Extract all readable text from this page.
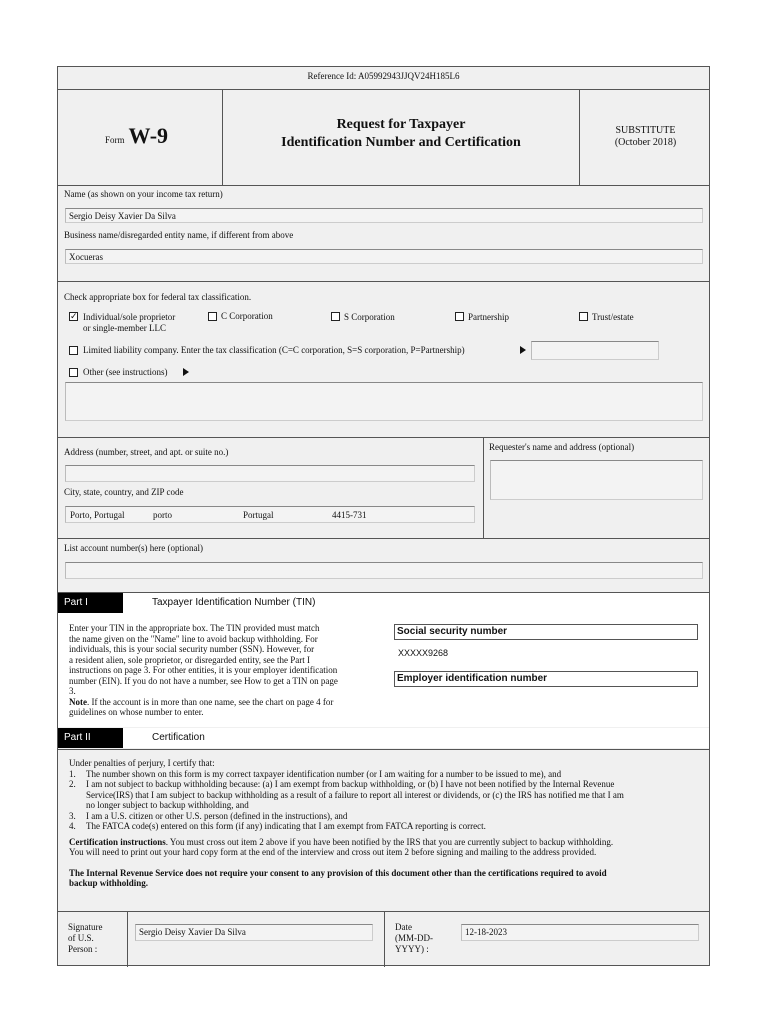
Reference Id: A05992943JJQV24H185L6
Form W-9	Request for Taxpayer
Identification Number and Certification
SUBSTITUTE
(October 2018)
Name (as shown on your income tax return)
Sergio Deisy Xavier Da Silva
Business name/disregarded entity name, if different from above
Xocueras
Check appropriate box for federal tax classification.
✓ Individual/sole proprietor
or single-member LLC
C Corporation	S Corporation	Partnership	Trust/estate
Limited liability company. Enter the tax classification (C=C corporation, S=S corporation, P=Partnership)
Other (see instructions)
Address (number, street, and apt. or suite no.)
City, state, country, and ZIP code
Porto, Portugal	porto	Portugal	4415-731
Requester's name and address (optional)
List account number(s) here (optional)
Part I	Taxpayer Identification Number (TIN)
Enter your TIN in the appropriate box. The TIN provided must match
the name given on the "Name" line to avoid backup withholding. For
individuals, this is your social security number (SSN). However, for
a resident alien, sole proprietor, or disregarded entity, see the Part I
instructions on page 3. For other entities, it is your employer identification
number (EIN). If you do not have a number, see How to get a TIN on page
3.
Note. If the account is in more than one name, see the chart on page 4 for
guidelines on whose number to enter.
Social security number
XXXXX9268
Employer identification number
Part II	Certification
Under penalties of perjury, I certify that:
1. The number shown on this form is my correct taxpayer identification number (or I am waiting for a number to be issued to me), and
2. I am not subject to backup withholding because: (a) I am exempt from backup withholding, or (b) I have not been notified by the Internal Revenue
Service(IRS) that I am subject to backup withholding as a result of a failure to report all interest or dividends, or (c) the IRS has notified me that I am
no longer subject to backup withholding, and
3. I am a U.S. citizen or other U.S. person (defined in the instructions), and
4. The FATCA code(s) entered on this form (if any) indicating that I am exempt from FATCA reporting is correct.
Certification instructions. You must cross out item 2 above if you have been notified by the IRS that you are currently subject to backup withholding.
You will need to print out your hard copy form at the end of the interview and cross out item 2 before signing and mailing to the address provided.
The Internal Revenue Service does not require your consent to any provision of this document other than the certifications required to avoid
backup withholding.
Signature
of U.S.
Person :
Sergio Deisy Xavier Da Silva	Date
(MM-DD-
YYYY) :
12-18-2023
